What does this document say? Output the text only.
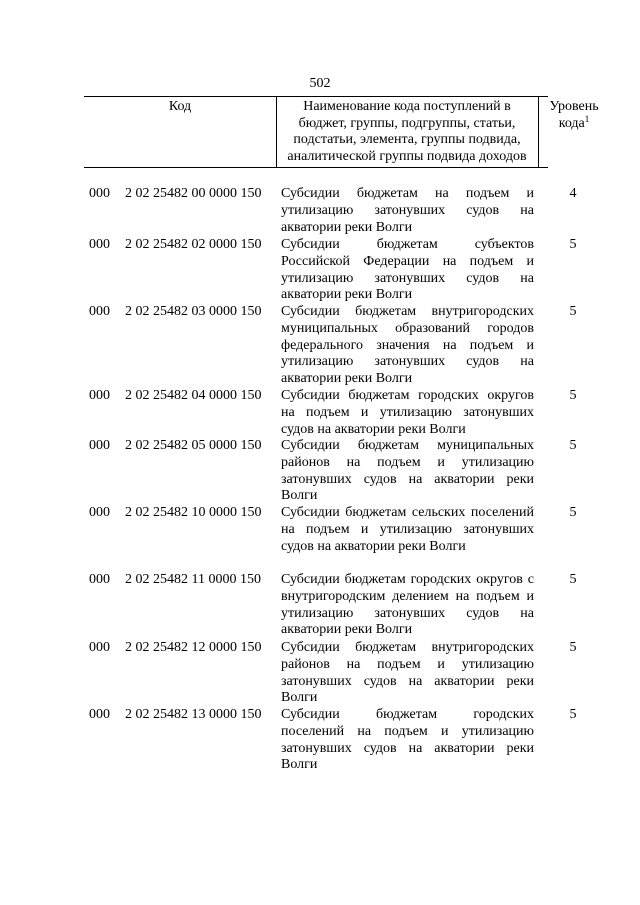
502
Код	Наименование кода поступлений в бюджет, группы, подгруппы, статьи, подстатьи, элемента, группы подвида, аналитической группы подвида доходов
Уровень кода$^1$
000 2 02 25482 00 0000 150 Субсидии бюджетам на подъем и утилизацию затонувших судов на акватории реки Волги
4
000 2 02 25482 02 0000 150 Субсидии бюджетам субъектов Российской Федерации на подъем и утилизацию затонувших судов на акватории реки Волги
5
000 2 02 25482 03 0000 150 Субсидии бюджетам внутригородских муниципальных образований городов федерального значения на подъем и утилизацию затонувших судов на акватории реки Волги
5
000 2 02 25482 04 0000 150 Субсидии бюджетам городских округов на подъем и утилизацию затонувших судов на акватории реки Волги
5
000 2 02 25482 05 0000 150 Субсидии бюджетам муниципальных районов на подъем и утилизацию затонувших судов на акватории реки Волги
5
000 2 02 25482 10 0000 150 Субсидии бюджетам сельских поселений на подъем и утилизацию затонувших судов на акватории реки Волги
5
000 2 02 25482 11 0000 150 Субсидии бюджетам городских округов с внутригородским делением на подъем и утилизацию затонувших судов на акватории реки Волги
5
000 2 02 25482 12 0000 150 Субсидии бюджетам внутригородских районов на подъем и утилизацию затонувших судов на акватории реки Волги
5
000 2 02 25482 13 0000 150 Субсидии бюджетам городских поселений на подъем и утилизацию затонувших судов на акватории реки Волги
5
